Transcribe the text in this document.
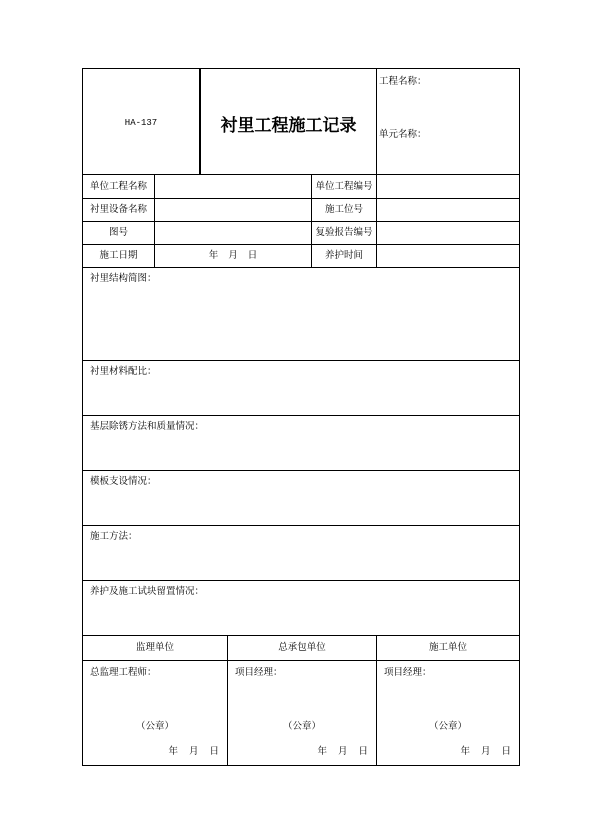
HA-137	衬里工程施工记录
工程名称：
单元名称：
单位工程名称	单位工程编号
衬里设备名称	施工位号
图号	复验报告编号
施工日期	年 月 日	养护时间
衬里结构简图：
衬里材料配比：
基层除锈方法和质量情况：
模板支设情况：
施工方法：
养护及施工试块留置情况：
监理单位	总承包单位	施工单位
总监理工程师：
（公章）
年 月 日
项目经理：
（公章）
年 月 日
项目经理：
（公章）
年 月 日
